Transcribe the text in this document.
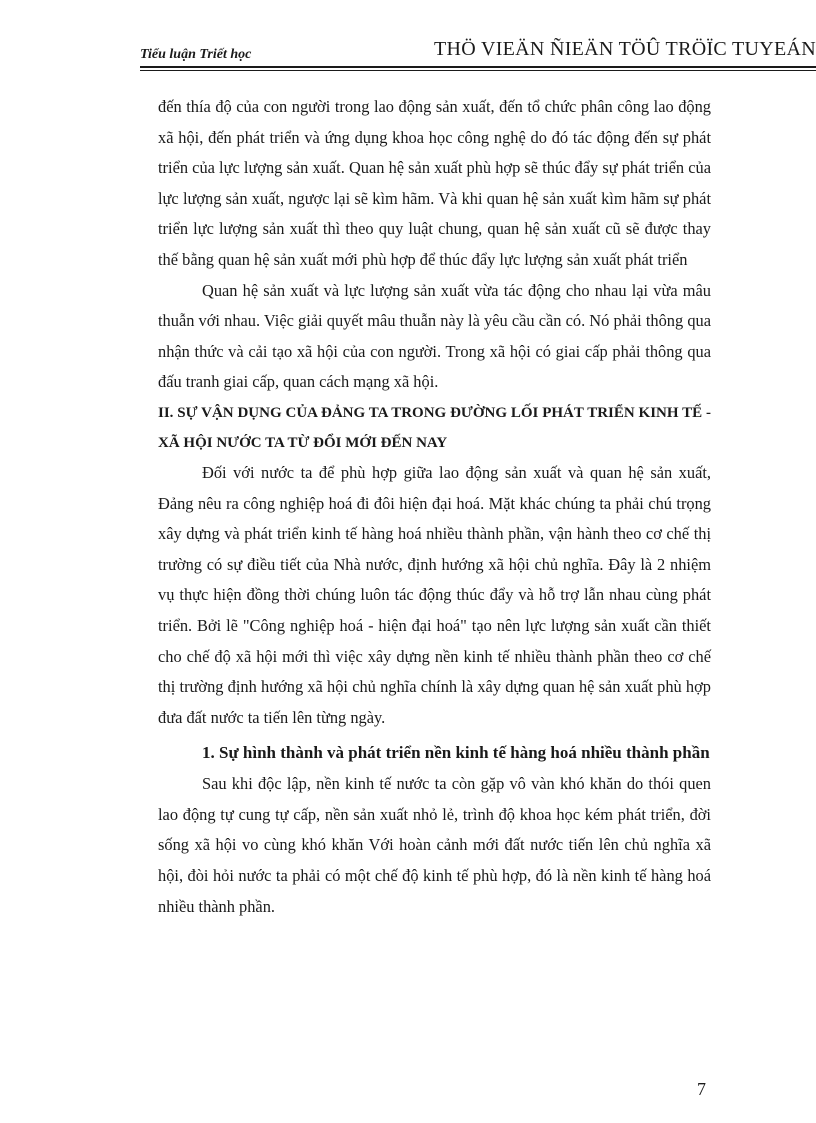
Tiểu luận Triết học	THÖ VIEÄN ÑIEÄN TÖÛ TRÖÏC TUYEÁN

đến thía độ của con người trong lao động sản xuất, đến tổ chức phân công lao động xã hội, đến phát triển và ứng dụng khoa học công nghệ do đó tác động đến sự phát triển của lực lượng sản xuất. Quan hệ sản xuất phù hợp sẽ thúc đẩy sự phát triển của lực lượng sản xuất, ngược lại sẽ kìm hãm. Và khi quan hệ sản xuất kìm hãm sự phát triển lực lượng sản xuất thì theo quy luật chung, quan hệ sản xuất cũ sẽ được thay thế bằng quan hệ sản xuất mới phù hợp để thúc đẩy lực lượng sản xuất phát triển

Quan hệ sản xuất và lực lượng sản xuất vừa tác động cho nhau lại vừa mâu thuẫn với nhau. Việc giải quyết mâu thuẫn này là yêu cầu cần có. Nó phải thông qua nhận thức và cải tạo xã hội của con người. Trong xã hội có giai cấp phải thông qua đấu tranh giai cấp, quan cách mạng xã hội.

II. SỰ VẬN DỤNG CỦA ĐẢNG TA TRONG ĐƯỜNG LỐI PHÁT TRIỂN KINH TẾ - XÃ HỘI NƯỚC TA TỪ ĐỔI MỚI ĐẾN NAY

Đối với nước ta để phù hợp giữa lao động sản xuất và quan hệ sản xuất, Đảng nêu ra công nghiệp hoá đi đôi hiện đại hoá. Mặt khác chúng ta phải chú trọng xây dựng và phát triển kinh tế hàng hoá nhiều thành phần, vận hành theo cơ chế thị trường có sự điều tiết của Nhà nước, định hướng xã hội chủ nghĩa. Đây là 2 nhiệm vụ thực hiện đồng thời chúng luôn tác động thúc đẩy và hỗ trợ lẫn nhau cùng phát triển. Bởi lẽ "Công nghiệp hoá - hiện đại hoá" tạo nên lực lượng sản xuất cần thiết cho chế độ xã hội mới thì việc xây dựng nền kinh tế nhiều thành phần theo cơ chế thị trường định hướng xã hội chủ nghĩa chính là xây dựng quan hệ sản xuất phù hợp đưa đất nước ta tiến lên từng ngày.

1. Sự hình thành và phát triển nền kinh tế hàng hoá nhiều thành phần

Sau khi độc lập, nền kinh tế nước ta còn gặp vô vàn khó khăn do thói quen lao động tự cung tự cấp, nền sản xuất nhỏ lẻ, trình độ khoa học kém phát triển, đời sống xã hội vo cùng khó khăn Với hoàn cảnh mới đất nước tiến lên chủ nghĩa xã hội, đòi hỏi nước ta phải có một chế độ kinh tế phù hợp, đó là nền kinh tế hàng hoá nhiều thành phần.

7
